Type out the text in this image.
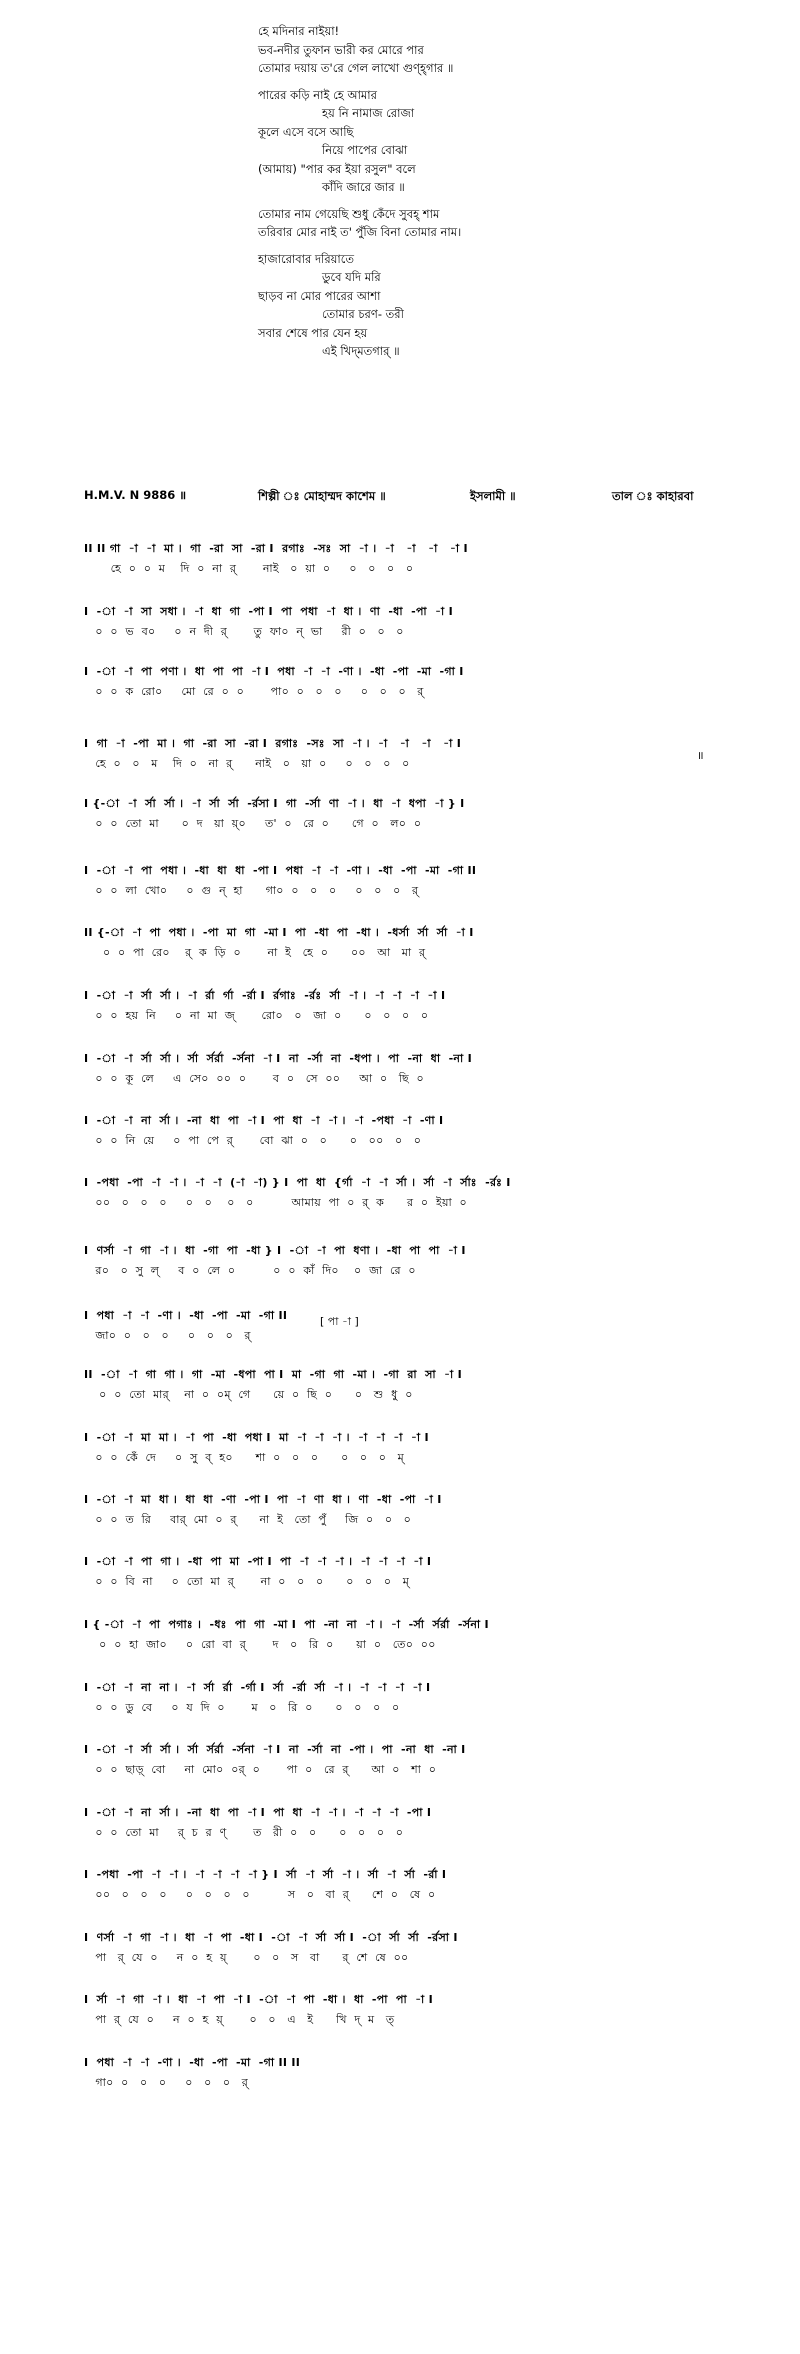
হে মদিনার নাইয়া!
ভব-নদীর তুফান ভারী কর মোরে পার
তোমার দয়ায় ত'রে গেল লাখো গুণ্‌হ্‌গার ॥
পারের কড়ি নাই হে আমার
হয় নি নামাজ রোজা
কূলে এসে বসে আছি
নিয়ে পাপের বোঝা
(আমায়) "পার কর ইয়া রসুল" বলে
কাঁদি জারে জার ॥
তোমার নাম গেয়েছি শুধু কেঁদে সুবহ্‌ শাম
তরিবার মোর নাই ত' পুঁজি বিনা তোমার নাম।
হাজারোবার দরিয়াতে
ডুবে যদি মরি
ছাড়ব না মোর পারের আশা
তোমার চরণ- তরী
সবার শেষে পার যেন হয়
এই খিদ্‌মতগার্ ॥
H.M.V. N 9886 ॥	শিল্পী ঃ মোহাম্মদ কাশেম ॥	ইসলামী ॥	তাল ঃ কাহারবা
॥
[ পা -া ]
II II গা  -া  -া  মা ।  গা  -রা  সা  -রা I  রগাঃ  -সঃ  সা  -া ।  -া   -া   -া   -া I
হে  ০  ০  ম    দি  ০  না  র্       নাই   ০  য়া  ০     ০   ০   ০   ০
I  -া  -া  সা  সধা ।  -া  ধা  গা  -পা I  পা  পধা  -া  ধা ।  ণা  -ধা  -পা  -া I
০  ০  ভ  ব০     ০  ন  দী  র্       তু  ফা০  ন্  ভা     রী  ০   ০   ০
I  -া  -া  পা  পণা ।  ধা  পা  পা  -া I  পধা  -া  -া  -ণা ।  -ধা  -পা  -মা  -গা I
০  ০  ক  রো০     মো  রে  ০  ০       পা০  ০   ০   ০     ০   ০   ০   র্
I  গা  -া  -পা  মা ।  গা  -রা  সা  -রা I  রগাঃ  -সঃ  সা  -া ।  -া   -া   -া   -া I
হে  ০   ০   ম    দি  ০   না  র্      নাই   ০   য়া  ০     ০   ০   ০   ০
I {-া  -া  র্সা  র্সা ।  -া  র্সা  র্সা  -র্রসা I  গা  -র্সা  ণা  -া ।  ধা  -া  ধপা  -া } I
০  ০  তো  মা      ০  দ   য়া  য়্০     ত'  ০   রে  ০      গে  ০   ল০  ০
I  -া  -া  পা  পধা ।  -ধা  ধা  ধা  -পা I  পধা  -া  -া  -ণা ।  -ধা  -পা  -মা  -গা II
০  ০  লা  খো০     ০  গু  ন্  হা      গা০  ০   ০   ০     ০   ০   ০   র্
II {-া  -া  পা  পধা ।  -পা  মা  গা  -মা I  পা  -ধা  পা  -ধা ।  -ধর্সা  র্সা  র্সা  -া I
০  ০  পা  রে০    র্  ক  ড়ি  ০       না  ই   হে  ০      ০০   আ   মা  র্
I  -া  -া  র্সা  র্সা ।  -া  র্রা  র্গা  -র্রা I  র্রগাঃ  -র্রঃ  র্সা  -া ।  -া  -া  -া  -া I
০  ০  হয়  নি     ০  না  মা  জ্       রো০   ০   জা  ০      ০   ০   ০   ০
I  -া  -া  র্সা  র্সা ।  র্সা  র্সর্রা  -র্সনা  -া I  না  -র্সা  না  -ধপা ।  পা  -না  ধা  -না I
০  ০  কূ  লে     এ  সে০  ০০  ০       ব  ০   সে  ০০     আ  ০   ছি  ০
I  -া  -া  না  র্সা ।  -না  ধা  পা  -া I  পা  ধা  -া  -া ।  -া  -পধা  -া  -ণা I
০  ০  নি  য়ে     ০  পা  পে  র্       বো  ঝা  ০   ০      ০   ০০   ০   ০
I  -পধা  -পা  -া  -া ।  -া  -া  (-া  -া) } I  পা  ধা  {র্গা  -া  -া  র্সা ।  র্সা  -া  র্সাঃ  -র্রঃ I
০০   ০   ০   ০     ০   ০    ০   ০          আমায়  পা  ০  র্  ক      র  ০  ইয়া  ০
I  ণর্সা  -া  গা  -া ।  ধা  -গা  পা  -ধা } I  -া  -া  পা  ধণা ।  -ধা  পা  পা  -া I
র০   ০  সু  ল্     ব  ০  লে  ০          ০  ০  কাঁ  দি০    ০  জা  রে  ০
I  পধা  -া  -া  -ণা ।  -ধা  -পা  -মা  -গা II
জা০  ০   ০   ০     ০   ০   ০   র্
II  -া  -া  গা  গা ।  গা  -মা  -ধপা  পা I  মা  -গা  গা  -মা ।  -গা  রা  সা  -া I
০  ০  তো  মার্    না  ০  ০ম্  গে      য়ে  ০  ছি  ০      ০   শু  ধু  ০
I  -া  -া  মা  মা ।  -া  পা  -ধা  পধা I  মা  -া  -া  -া ।  -া  -া  -া  -া I
০  ০  কেঁ  দে     ০  সু  ব্  হ০      শা  ০   ০   ০      ০   ০   ০   ম্
I  -া  -া  মা  ধা ।  ধা  ধা  -ণা  -পা I  পা  -া  ণা  ধা ।  ণা  -ধা  -পা  -া I
০  ০  ত  রি     বার্  মো  ০  র্      না  ই   তো  পুঁ     জি  ০   ০   ০
I  -া  -া  পা  গা ।  -ধা  পা  মা  -পা I  পা  -া  -া  -া ।  -া  -া  -া  -া I
০  ০  বি  না     ০  তো  মা  র্       না  ০   ০   ০      ০   ০   ০   ম্
I { -া  -া  পা  পগাঃ ।  -ধঃ  পা  গা  -মা I  পা  -না  না  -া ।  -া  -র্সা  র্সর্রা  -র্সনা I
০  ০  হা  জা০     ০  রো  বা  র্       দ   ০   রি  ০      য়া  ০   তে০  ০০
I  -া  -া  না  না ।  -া  র্সা  র্রা  -র্গা I  র্সা  -র্রা  র্সা  -া ।  -া  -া  -া  -া I
০  ০  ডু  বে     ০  য  দি  ০       ম   ০   রি  ০      ০   ০   ০   ০
I  -া  -া  র্সা  র্সা ।  র্সা  র্সর্রা  -র্সনা  -া I  না  -র্সা  না  -পা ।  পা  -না  ধা  -না I
০  ০  ছাড়্  বো     না  মো০  ০র্  ০       পা  ০   রে  র্      আ  ০   শা  ০
I  -া  -া  না  র্সা ।  -না  ধা  পা  -া I  পা  ধা  -া  -া ।  -া  -া  -া  -পা I
০  ০  তো  মা     র্  চ  র  ণ্       ত   রী  ০   ০      ০   ০   ০   ০
I  -পধা  -পা  -া  -া ।  -া  -া  -া  -া } I  র্সা  -া  র্সা  -া ।  র্সা  -া  র্সা  -র্রা I
০০   ০   ০   ০     ০   ০   ০   ০          স   ০   বা  র্      শে  ০   ষে  ০
I  ণর্সা  -া  গা  -া ।  ধা  -া  পা  -ধা I  -া  -া  র্সা  র্সা I  -া  র্সা  র্সা  -র্রসা I
পা   র্  যে  ০     ন  ০  হ  য়্       ০   ০   স   বা      র্  শে  ষে  ০০
I  র্সা  -া  গা  -া ।  ধা  -া  পা  -া I  -া  -া  পা  -ধা ।  ধা  -পা  পা  -া I
পা  র্  যে  ০     ন  ০  হ  য়্       ০   ০   এ   ই      খি  দ্  ম   ত্
I  পধা  -া  -া  -ণা ।  -ধা  -পা  -মা  -গা II II
গা০  ০   ০   ০     ০   ০   ০   র্
